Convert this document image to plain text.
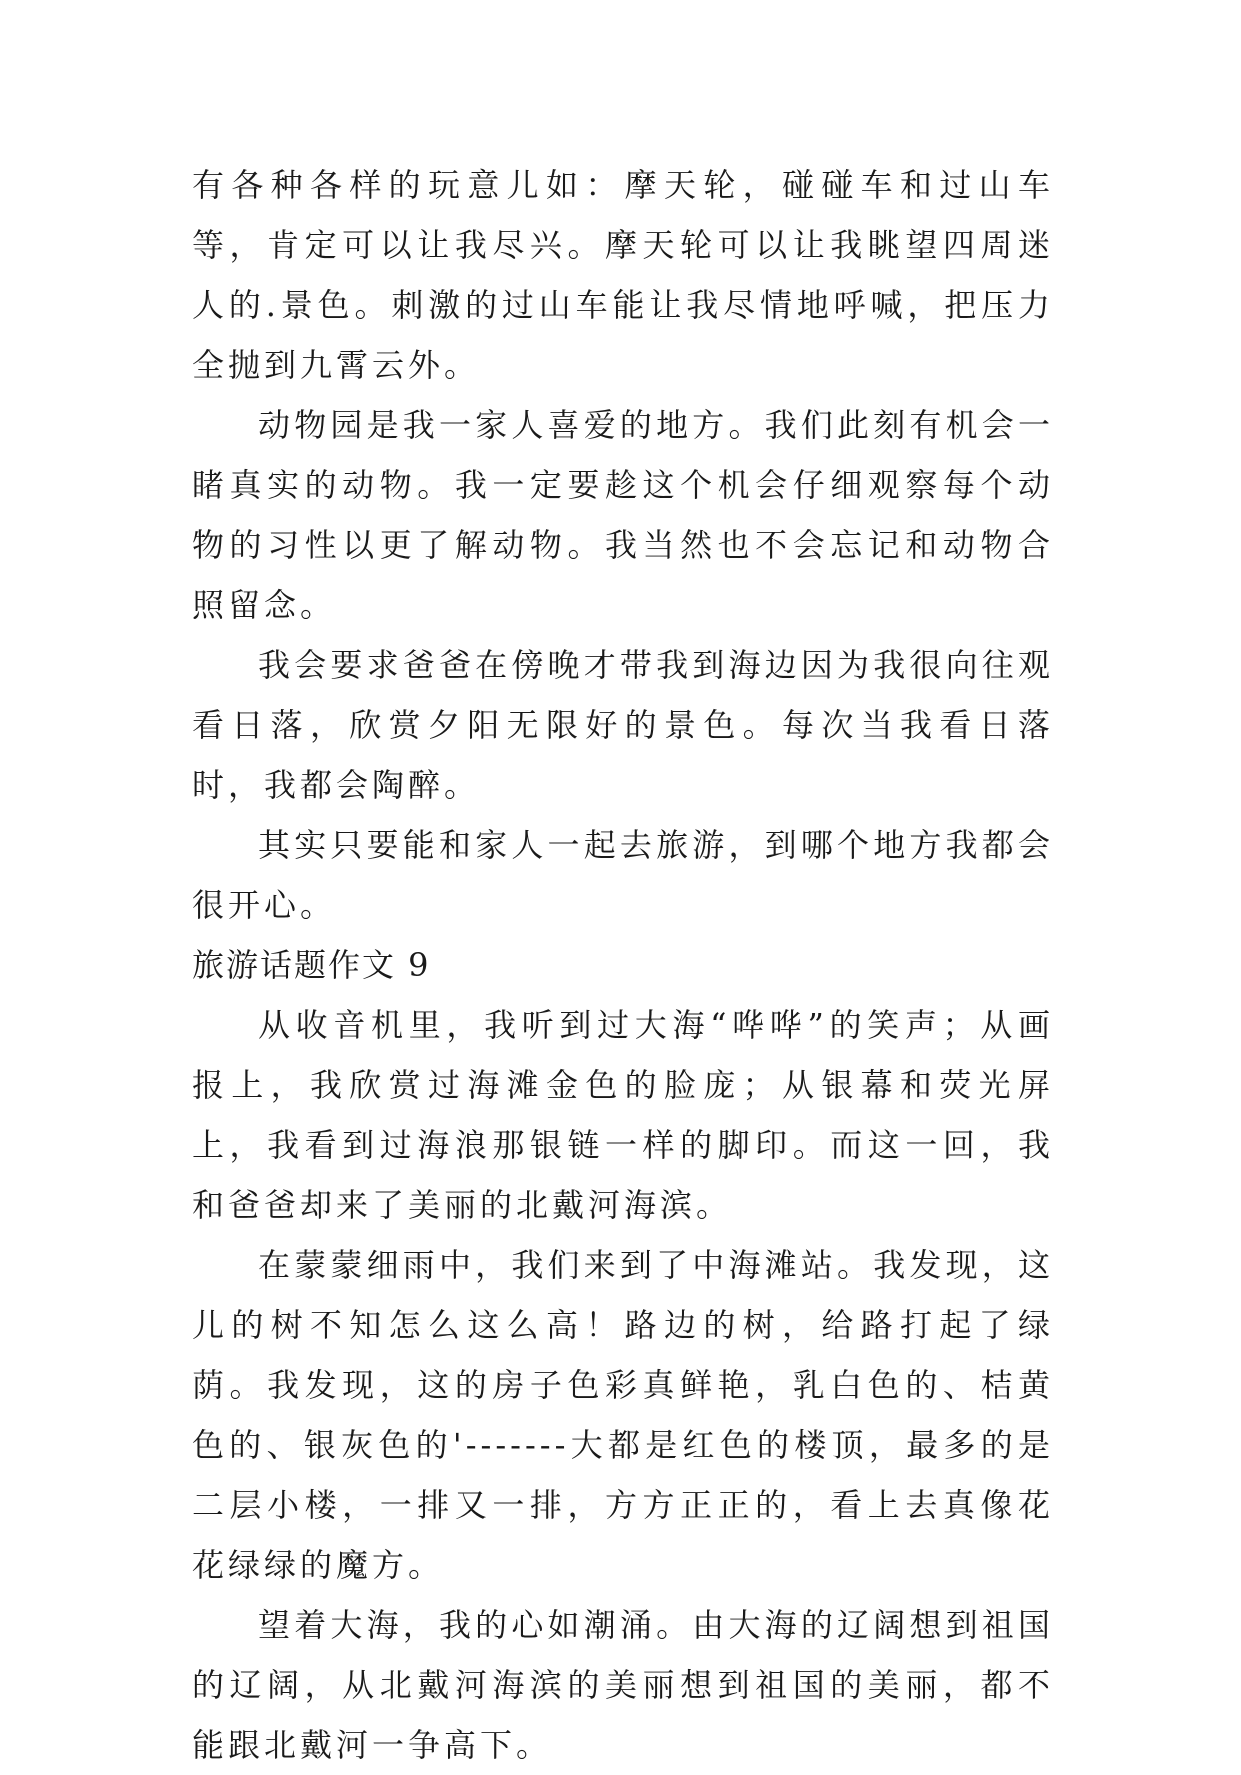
有各种各样的玩意儿如：摩天轮，碰碰车和过山车等，肯定可以让我尽兴。摩天轮可以让我眺望四周迷人的.景色。刺激的过山车能让我尽情地呼喊，把压力全抛到九霄云外。

动物园是我一家人喜爱的地方。我们此刻有机会一睹真实的动物。我一定要趁这个机会仔细观察每个动物的习性以更了解动物。我当然也不会忘记和动物合照留念。

我会要求爸爸在傍晚才带我到海边因为我很向往观看日落，欣赏夕阳无限好的景色。每次当我看日落时，我都会陶醉。

其实只要能和家人一起去旅游，到哪个地方我都会很开心。

旅游话题作文 9

从收音机里，我听到过大海“哗哗”的笑声；从画报上，我欣赏过海滩金色的脸庞；从银幕和荧光屏上，我看到过海浪那银链一样的脚印。而这一回，我和爸爸却来了美丽的北戴河海滨。

在蒙蒙细雨中，我们来到了中海滩站。我发现，这儿的树不知怎么这么高！路边的树，给路打起了绿荫。我发现，这的房子色彩真鲜艳，乳白色的、桔黄色的、银灰色的'-------大都是红色的楼顶，最多的是二层小楼，一排又一排，方方正正的，看上去真像花花绿绿的魔方。

望着大海，我的心如潮涌。由大海的辽阔想到祖国的辽阔，从北戴河海滨的美丽想到祖国的美丽，都不能跟北戴河一争高下。
